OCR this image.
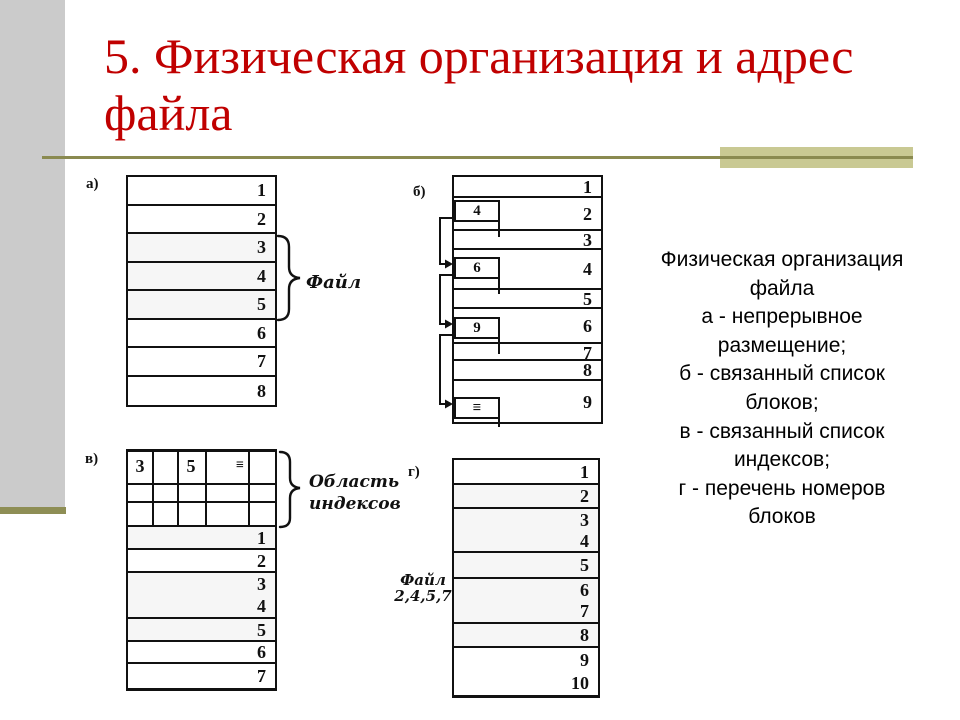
5. Физическая организация и адрес
файла
а)	1
2
3
4
5
6
7
8
Файл
б)	1
2
3
4
5
6
7
8
9
4
6
9
≡
в)	3	5	≡
Область
индексов
1
2
3
4
5
6
7
г)
Файл
2,4,5,7
1
2
3
4
5
6
7
8
9
10
Физическая организация
файла
а - непрерывное
размещение;
б - связанный список
блоков;
в - связанный список
индексов;
г - перечень номеров
блоков
